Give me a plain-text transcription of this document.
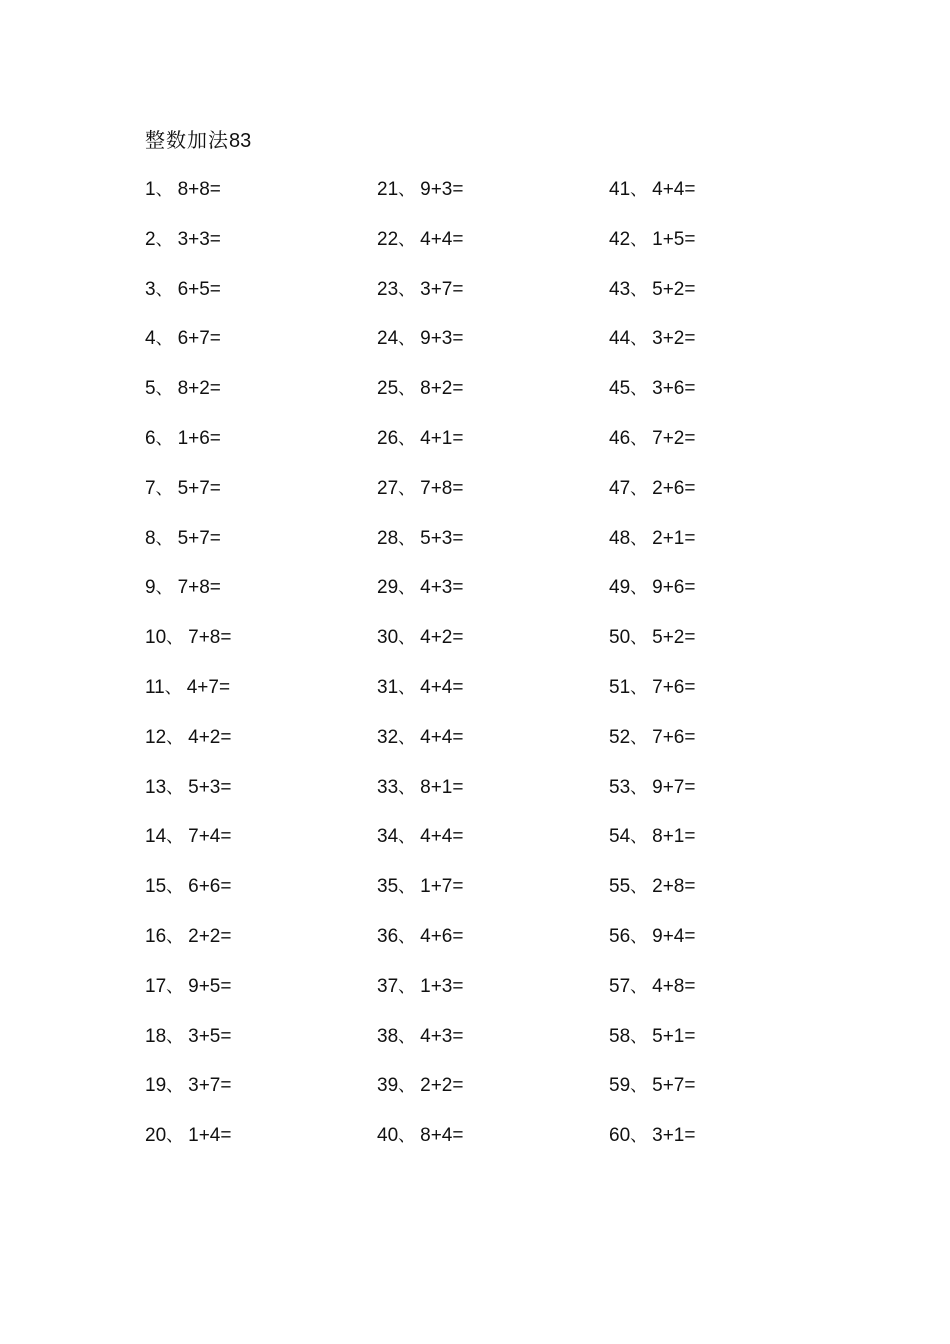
整数加法83
1、 8+8=
2、 3+3=
3、 6+5=
4、 6+7=
5、 8+2=
6、 1+6=
7、 5+7=
8、 5+7=
9、 7+8=
10、 7+8=
11、 4+7=
12、 4+2=
13、 5+3=
14、 7+4=
15、 6+6=
16、 2+2=
17、 9+5=
18、 3+5=
19、 3+7=
20、 1+4=
21、 9+3=
22、 4+4=
23、 3+7=
24、 9+3=
25、 8+2=
26、 4+1=
27、 7+8=
28、 5+3=
29、 4+3=
30、 4+2=
31、 4+4=
32、 4+4=
33、 8+1=
34、 4+4=
35、 1+7=
36、 4+6=
37、 1+3=
38、 4+3=
39、 2+2=
40、 8+4=
41、 4+4=
42、 1+5=
43、 5+2=
44、 3+2=
45、 3+6=
46、 7+2=
47、 2+6=
48、 2+1=
49、 9+6=
50、 5+2=
51、 7+6=
52、 7+6=
53、 9+7=
54、 8+1=
55、 2+8=
56、 9+4=
57、 4+8=
58、 5+1=
59、 5+7=
60、 3+1=
